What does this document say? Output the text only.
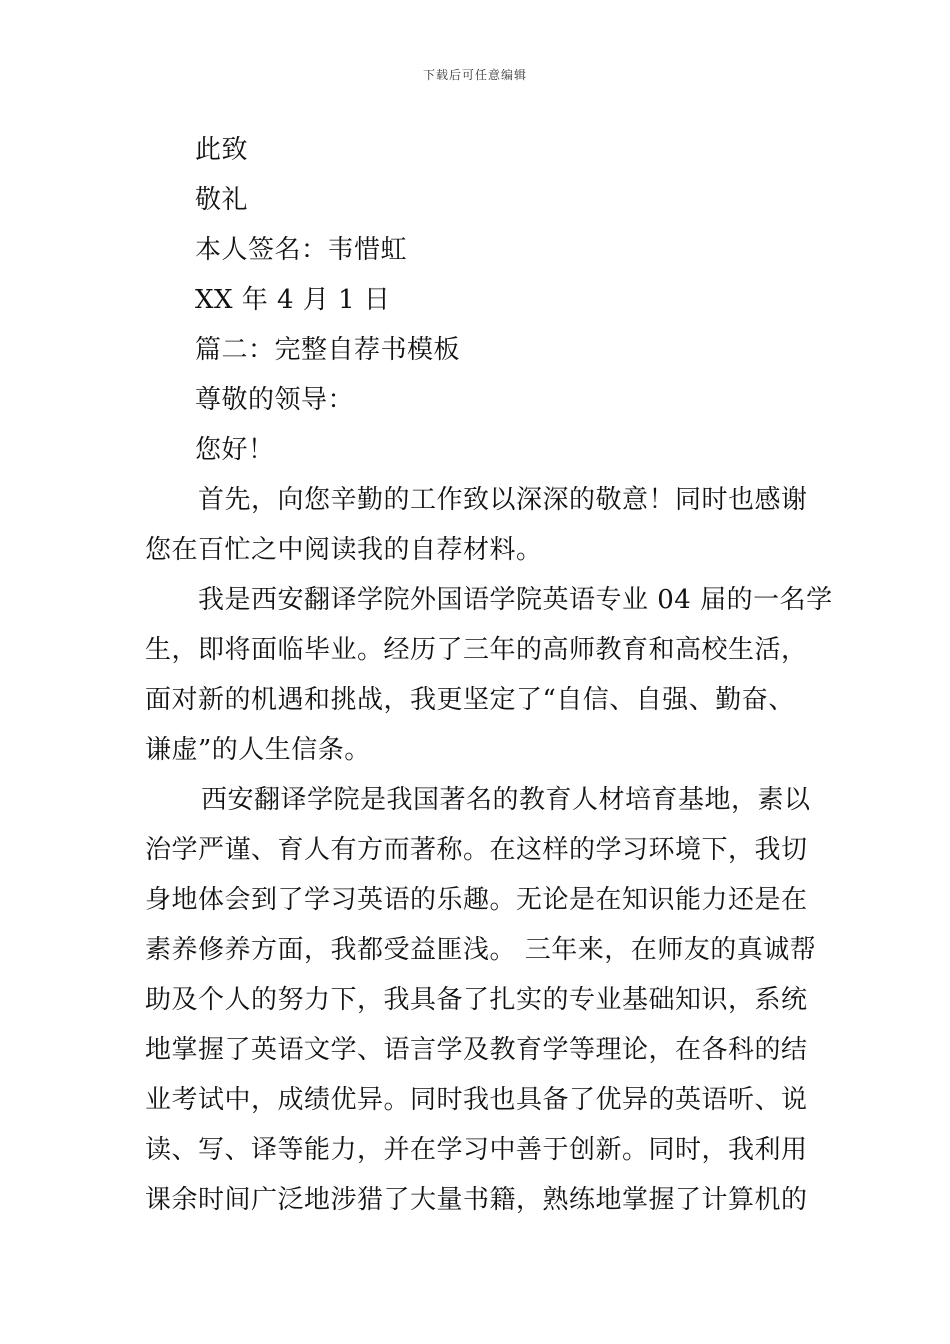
下载后可任意编辑
此致
敬礼
本人签名：韦惜虹
XX 年 4 月 1 日
篇二：完整自荐书模板
尊敬的领导：
您好！
首先，向您辛勤的工作致以深深的敬意！同时也感谢
您在百忙之中阅读我的自荐材料。
我是西安翻译学院外国语学院英语专业 04 届的一名学
生，即将面临毕业。经历了三年的高师教育和高校生活，
面对新的机遇和挑战，我更坚定了“自信、自强、勤奋、
谦虚”的人生信条。
西安翻译学院是我国著名的教育人材培育基地，素以
治学严谨、育人有方而著称。在这样的学习环境下，我切
身地体会到了学习英语的乐趣。无论是在知识能力还是在
素养修养方面，我都受益匪浅。 三年来，在师友的真诚帮
助及个人的努力下，我具备了扎实的专业基础知识，系统
地掌握了英语文学、语言学及教育学等理论，在各科的结
业考试中，成绩优异。同时我也具备了优异的英语听、说
读、写、译等能力，并在学习中善于创新。同时，我利用
课余时间广泛地涉猎了大量书籍，熟练地掌握了计算机的
